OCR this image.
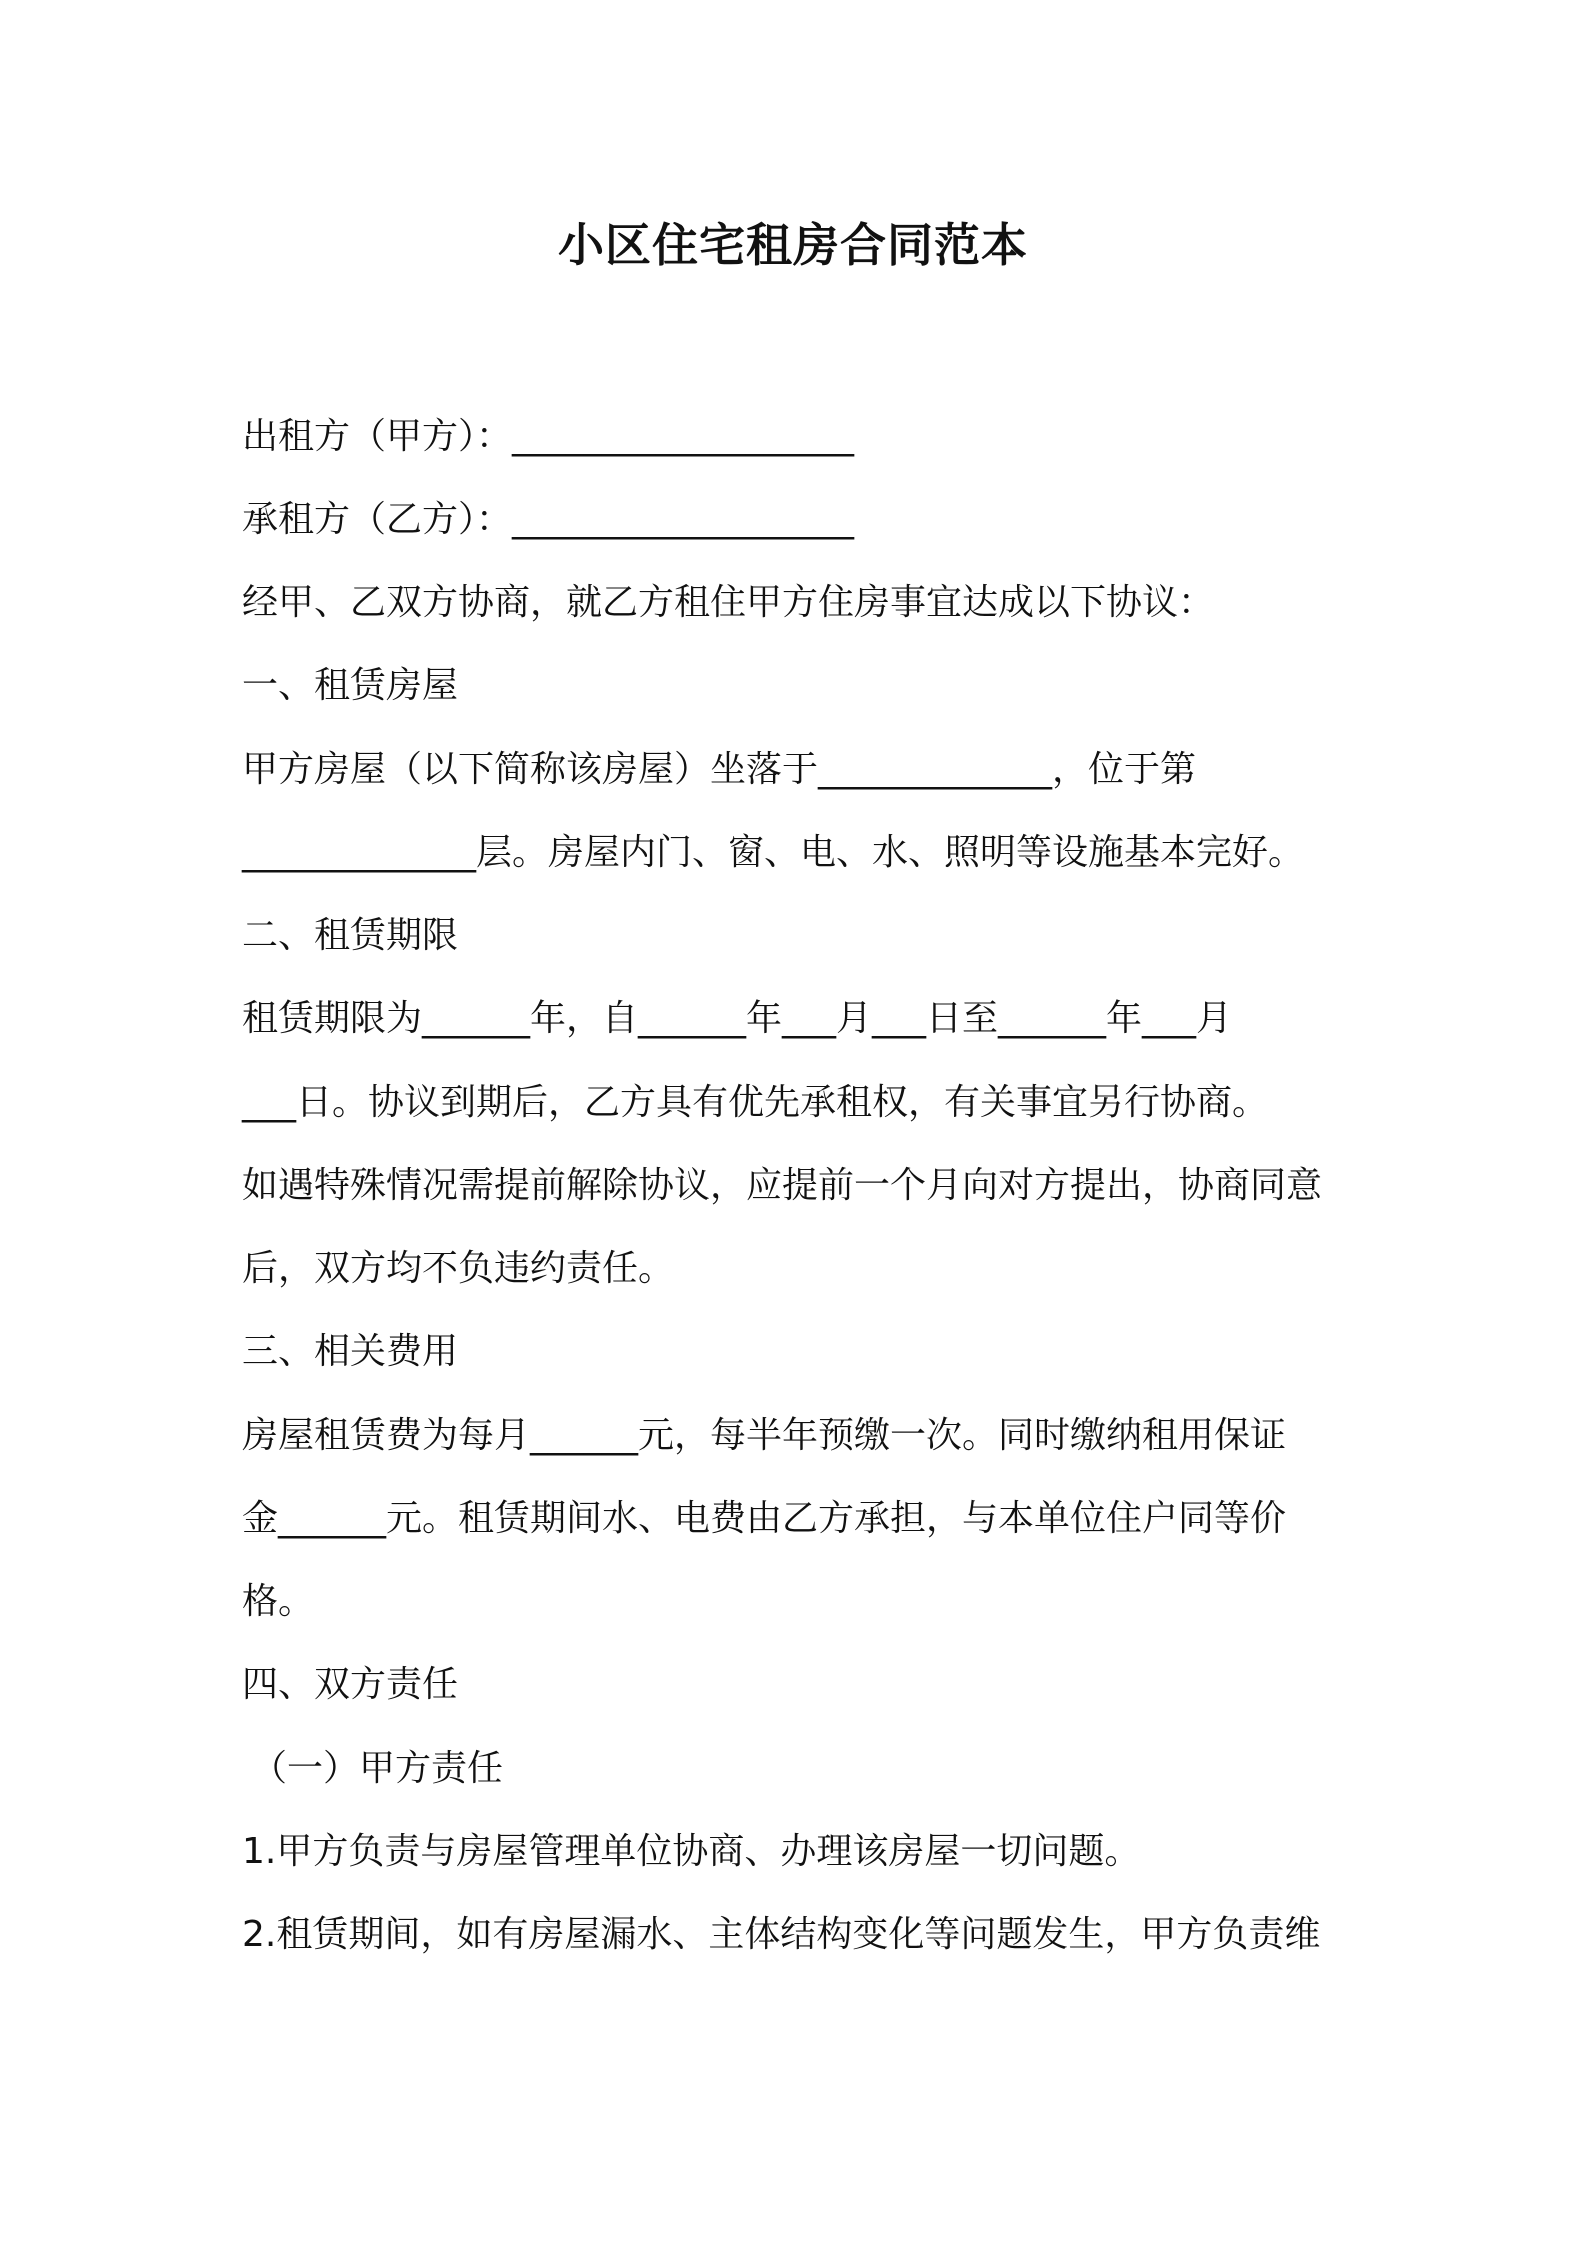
小区住宅租房合同范本
出租方（甲方）：___________________
承租方（乙方）：___________________
经甲、乙双方协商，就乙方租住甲方住房事宜达成以下协议：
一、租赁房屋
甲方房屋（以下简称该房屋）坐落于_____________，位于第
_____________层。房屋内门、窗、电、水、照明等设施基本完好。
二、租赁期限
租赁期限为______年，自______年___月___日至______年___月
___日。协议到期后，乙方具有优先承租权，有关事宜另行协商。
如遇特殊情况需提前解除协议，应提前一个月向对方提出，协商同意
后，双方均不负违约责任。
三、相关费用
房屋租赁费为每月______元，每半年预缴一次。同时缴纳租用保证
金______元。租赁期间水、电费由乙方承担，与本单位住户同等价
格。
四、双方责任
（一）甲方责任
1.甲方负责与房屋管理单位协商、办理该房屋一切问题。
2.租赁期间，如有房屋漏水、主体结构变化等问题发生，甲方负责维
